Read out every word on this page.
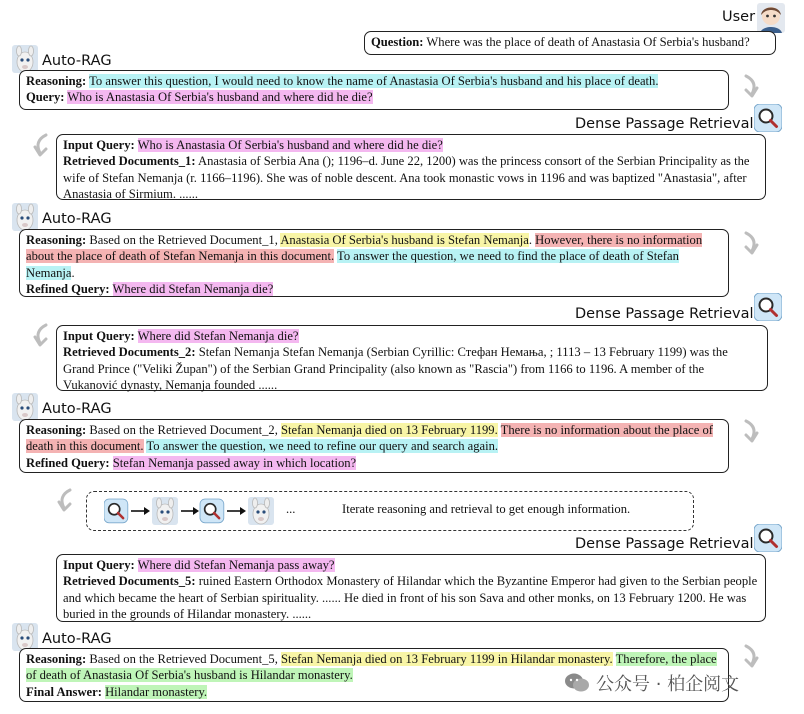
User
Question: Where was the place of death of Anastasia Of Serbia's husband?
Auto-RAG
Reasoning: To answer this question, I would need to know the name of Anastasia Of Serbia's husband and his place of death.
Query: Who is Anastasia Of Serbia's husband and where did he die?
Dense Passage Retrieval
Input Query: Who is Anastasia Of Serbia's husband and where did he die?
Retrieved Documents_1: Anastasia of Serbia Ana (); 1196–d. June 22, 1200) was the princess consort of the Serbian Principality as the wife of Stefan Nemanja (r. 1166–1196). She was of noble descent. Ana took monastic vows in 1196 and was baptized "Anastasia", after Anastasia of Sirmium. ......
Auto-RAG
Reasoning: Based on the Retrieved Document_1, Anastasia Of Serbia's husband is Stefan Nemanja. However, there is no information about the place of death of Stefan Nemanja in this document. To answer the question, we need to find the place of death of Stefan Nemanja.
Refined Query: Where did Stefan Nemanja die?
Dense Passage Retrieval
Input Query: Where did Stefan Nemanja die?
Retrieved Documents_2: Stefan Nemanja Stefan Nemanja (Serbian Cyrillic: Стефан Немања, ; 1113 – 13 February 1199) was the Grand Prince ("Veliki Župan") of the Serbian Grand Principality (also known as "Rascia") from 1166 to 1196. A member of the Vukanović dynasty, Nemanja founded ......
Auto-RAG
Reasoning: Based on the Retrieved Document_2, Stefan Nemanja died on 13 February 1199. There is no information about the place of death in this document. To answer the question, we need to refine our query and search again.
Refined Query: Stefan Nemanja passed away in which location?
...	Iterate reasoning and retrieval to get enough information.
Dense Passage Retrieval
Input Query: Where did Stefan Nemanja pass away?
Retrieved Documents_5: ruined Eastern Orthodox Monastery of Hilandar which the Byzantine Emperor had given to the Serbian people and which became the heart of Serbian spirituality. ...... He died in front of his son Sava and other monks, on 13 February 1200. He was buried in the grounds of Hilandar monastery. ......
Auto-RAG
Reasoning: Based on the Retrieved Document_5, Stefan Nemanja died on 13 February 1199 in Hilandar monastery. Therefore, the place of death of Anastasia Of Serbia's husband is Hilandar monastery.
Final Answer: Hilandar monastery.	公众号 · 柏企阅文
